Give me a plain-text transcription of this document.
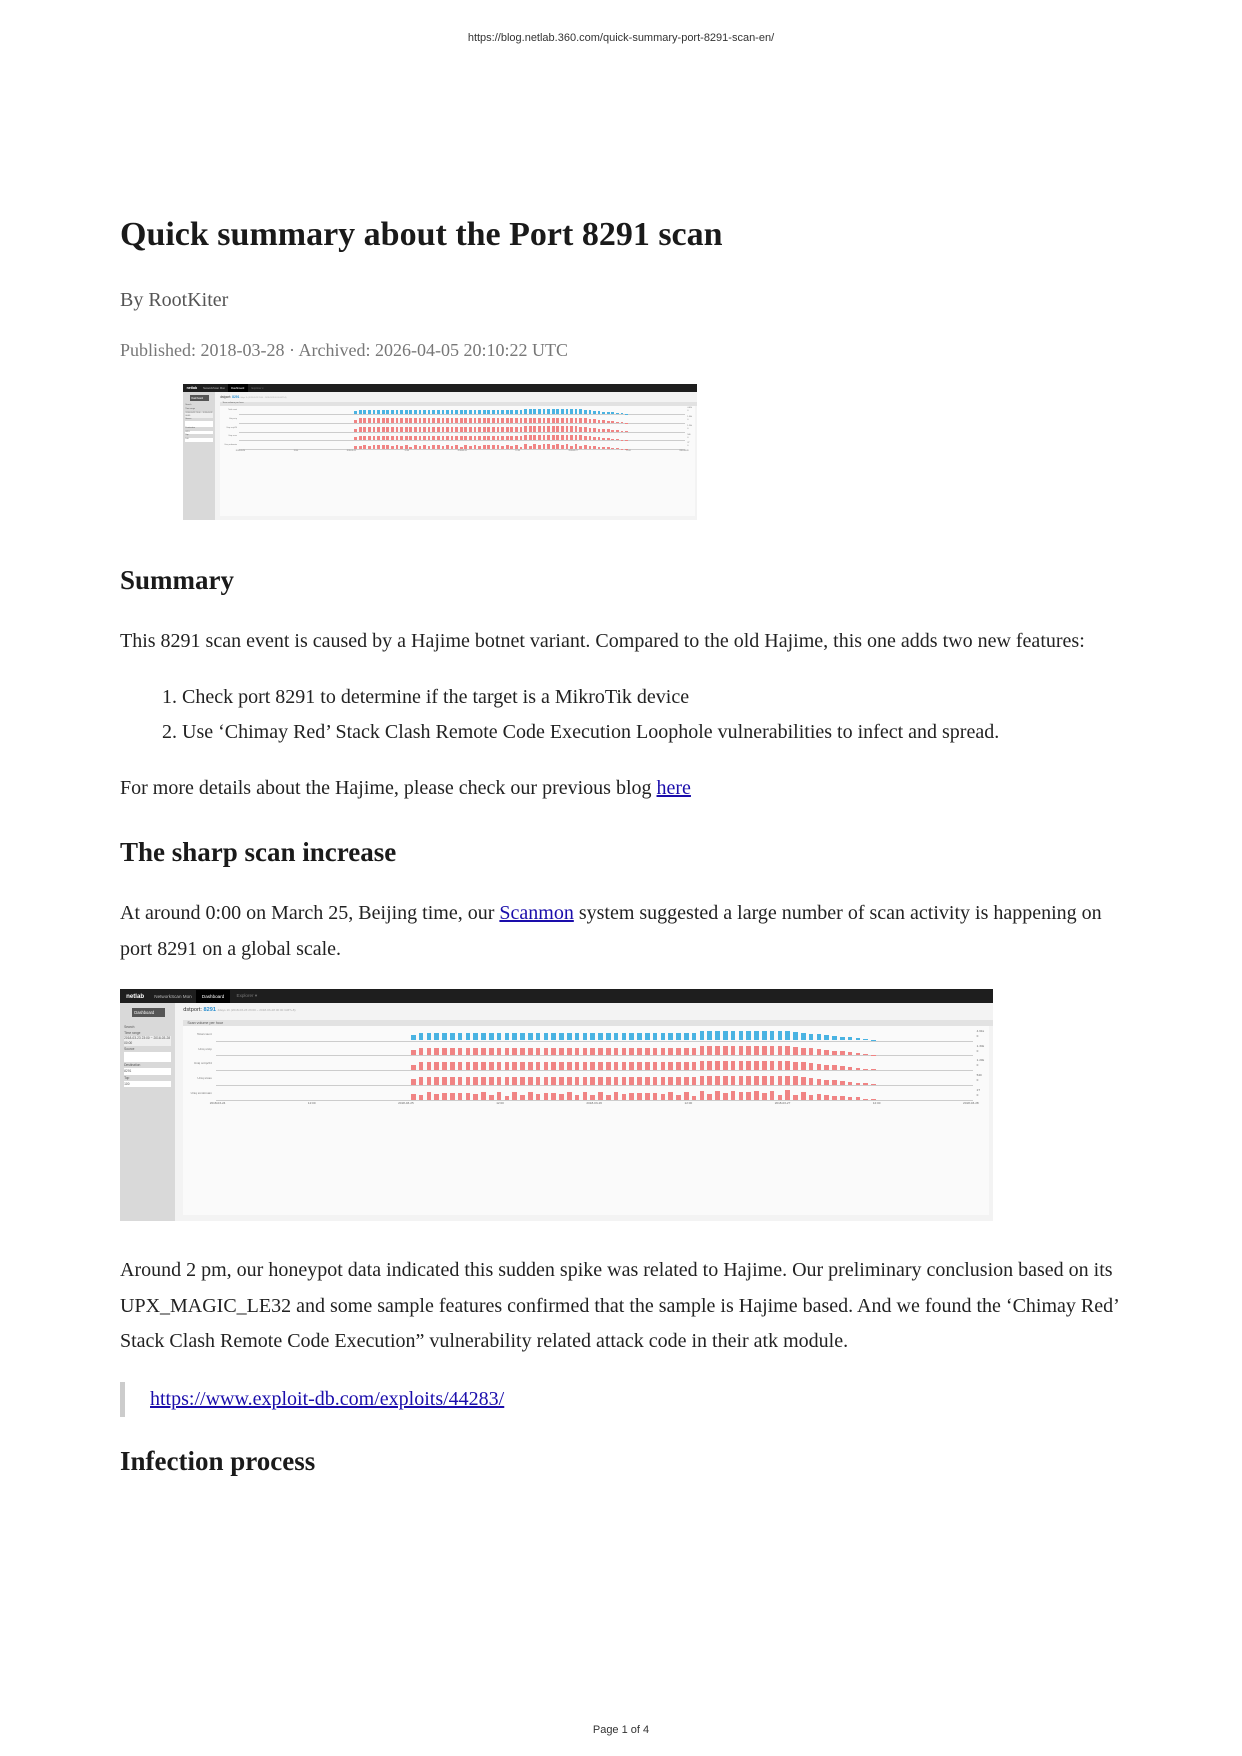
https://blog.netlab.360.com/quick-summary-port-8291-scan-en/
Quick summary about the Port 8291 scan
By RootKiter
Published: 2018-03-28 · Archived: 2026-04-05 20:10:22 UTC
netlab	NetworkScan Mon	Dashboard	Explorer ▾
Dashboard
Search
Time range
2018-03-23 23:00 ~ 2018-03-28 00:00
Source
Destination
8291
Top
100
dstport: 8291 4days 1h (2018-03-23 23:00 ~ 2018-03-28 00:00 GMT+8)
Scan volume per hour
Total count
4.61k
0
Uniq srcip
1.34k
0
Uniq srcip/24
1.20k
0
Uniq srcas
540
0
Uniq srcdomain
27
0
2018-03-24	12:00	2018-03-25	12:00	2018-03-26	12:00	2018-03-27	12:00	2018-03-28
Summary

This 8291 scan event is caused by a Hajime botnet variant. Compared to the old Hajime, this one adds two new features:

1. Check port 8291 to determine if the target is a MikroTik device
2. Use ‘Chimay Red’ Stack Clash Remote Code Execution Loophole vulnerabilities to infect and spread.

For more details about the Hajime, please check our previous blog here

The sharp scan increase

At around 0:00 on March 25, Beijing time, our Scanmon system suggested a large number of scan activity is happening on port 8291 on a global scale.

netlab	NetworkScan Mon	Dashboard	Explorer ▾
Dashboard
Search
Time range
2018-03-23 23:00 ~ 2018-03-28 00:00
Source
Destination
8291
Top
100
dstport: 8291 4days 1h (2018-03-23 23:00 ~ 2018-03-28 00:00 GMT+8)
Scan volume per hour
Total count
4.61k
0
Uniq srcip
1.34k
0
Uniq srcip/24
1.20k
0
Uniq srcas
540
0
Uniq srcdomain
27
0
2018-03-24	12:00	2018-03-25	12:00	2018-03-26	12:00	2018-03-27	12:00	2018-03-28

Around 2 pm, our honeypot data indicated this sudden spike was related to Hajime. Our preliminary conclusion based on its UPX_MAGIC_LE32 and some sample features confirmed that the sample is Hajime based. And we found the ‘Chimay Red’ Stack Clash Remote Code Execution” vulnerability related attack code in their atk module.

https://www.exploit-db.com/exploits/44283/
Infection process
Page 1 of 4
